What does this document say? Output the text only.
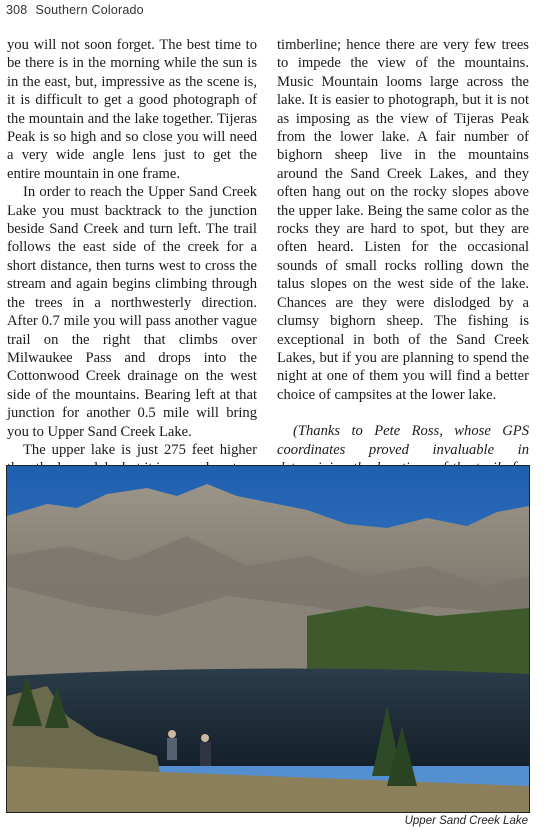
308 Southern Colorado

you will not soon forget. The best time to be there is in the morning while the sun is in the east, but, impressive as the scene is, it is difficult to get a good photograph of the mountain and the lake together. Tijeras Peak is so high and so close you will need a very wide angle lens just to get the entire mountain in one frame.

In order to reach the Upper Sand Creek Lake you must backtrack to the junction beside Sand Creek and turn left. The trail follows the east side of the creek for a short distance, then turns west to cross the stream and again begins climbing through the trees in a northwesterly direction. After 0.7 mile you will pass another vague trail on the right that climbs over Milwaukee Pass and drops into the Cottonwood Creek drainage on the west side of the mountains. Bearing left at that junction for another 0.5 mile will bring you to Upper Sand Creek Lake.

The upper lake is just 275 feet higher

timberline; hence there are very few trees to impede the view of the mountains. Music Mountain looms large across the lake. It is easier to photograph, but it is not as imposing as the view of Tijeras Peak from the lower lake. A fair number of bighorn sheep live in the mountains around the Sand Creek Lakes, and they often hang out on the rocky slopes above the upper lake. Being the same color as the rocks they are hard to spot, but they are often heard. Listen for the occasional sounds of small rocks rolling down the talus slopes on the west side of the lake. Chances are they were dislodged by a clumsy bighorn sheep. The fishing is exceptional in both of the Sand Creek Lakes, but if you are planning to spend the night at one of them you will find a better choice of campsites at the lower lake.

(Thanks to Pete Ross, whose GPS coordinates proved invaluable in

Upper Sand Creek Lake
